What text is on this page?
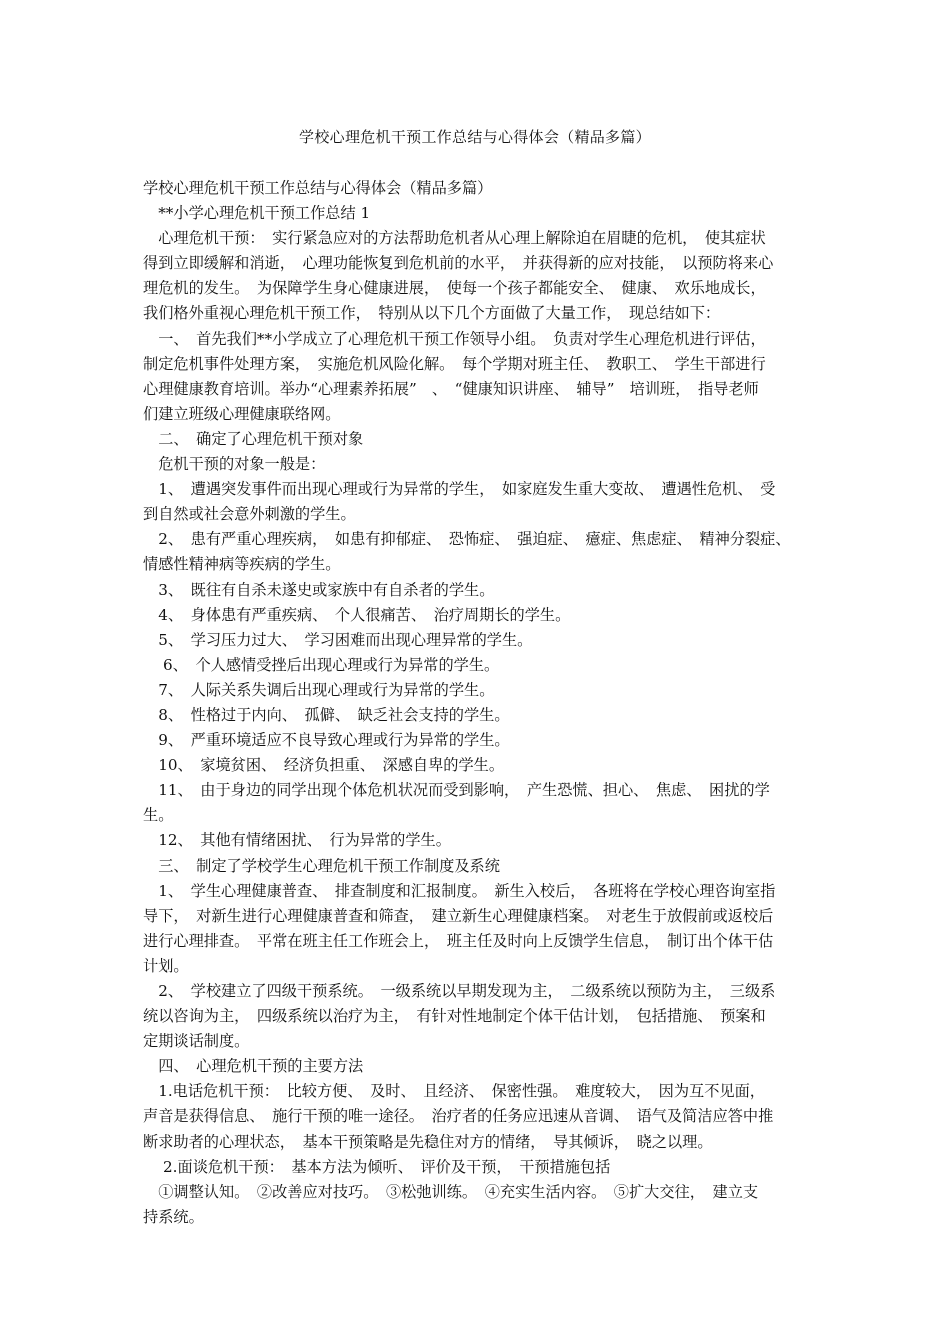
学校心理危机干预工作总结与心得体会（精品多篇）
学校心理危机干预工作总结与心得体会（精品多篇）
　**小学心理危机干预工作总结 1
　心理危机干预：　实行紧急应对的方法帮助危机者从心理上解除迫在眉睫的危机，　使其症状
得到立即缓解和消逝，　心理功能恢复到危机前的水平，　并获得新的应对技能，　以预防将来心
理危机的发生。　为保障学生身心健康进展，　使每一个孩子都能安全、　健康、　欢乐地成长，
我们格外重视心理危机干预工作，　特别从以下几个方面做了大量工作，　现总结如下：
　一、　首先我们**小学成立了心理危机干预工作领导小组。　负责对学生心理危机进行评估，
制定危机事件处理方案，　实施危机风险化解。　每个学期对班主任、　教职工、　学生干部进行
心理健康教育培训。举办“心理素养拓展”　、　“健康知识讲座、　辅导”　培训班，　指导老师
们建立班级心理健康联络网。
　二、　确定了心理危机干预对象
　危机干预的对象一般是：
　1、　遭遇突发事件而出现心理或行为异常的学生，　如家庭发生重大变故、　遭遇性危机、　受
到自然或社会意外刺激的学生。
　2、　患有严重心理疾病，　如患有抑郁症、　恐怖症、　强迫症、　癔症、焦虑症、　精神分裂症、
情感性精神病等疾病的学生。
　3、　既往有自杀未遂史或家族中有自杀者的学生。
　4、　身体患有严重疾病、　个人很痛苦、　治疗周期长的学生。
　5、　学习压力过大、　学习困难而出现心理异常的学生。
　 6、　个人感情受挫后出现心理或行为异常的学生。
　7、　人际关系失调后出现心理或行为异常的学生。
　8、　性格过于内向、　孤僻、　缺乏社会支持的学生。
　9、　严重环境适应不良导致心理或行为异常的学生。
　10、　家境贫困、　经济负担重、　深感自卑的学生。
　11、　由于身边的同学出现个体危机状况而受到影响，　产生恐慌、担心、　焦虑、　困扰的学
生。
　12、　其他有情绪困扰、　行为异常的学生。
　三、　制定了学校学生心理危机干预工作制度及系统
　1、　学生心理健康普查、　排查制度和汇报制度。　新生入校后，　各班将在学校心理咨询室指
导下，　对新生进行心理健康普查和筛查，　建立新生心理健康档案。　对老生于放假前或返校后
进行心理排查。　平常在班主任工作班会上，　班主任及时向上反馈学生信息，　制订出个体干估
计划。
　2、　学校建立了四级干预系统。　一级系统以早期发现为主，　二级系统以预防为主，　三级系
统以咨询为主，　四级系统以治疗为主，　有针对性地制定个体干估计划，　包括措施、　预案和
定期谈话制度。
　四、　心理危机干预的主要方法
　1.电话危机干预：　比较方便、　及时、　且经济、　保密性强。　难度较大，　因为互不见面，
声音是获得信息、　施行干预的唯一途径。　治疗者的任务应迅速从音调、　语气及简洁应答中推
断求助者的心理状态，　基本干预策略是先稳住对方的情绪，　导其倾诉，　晓之以理。
　 2.面谈危机干预：　基本方法为倾听、　评价及干预，　干预措施包括
　①调整认知。　②改善应对技巧。　③松弛训练。　④充实生活内容。　⑤扩大交往，　建立支
持系统。
